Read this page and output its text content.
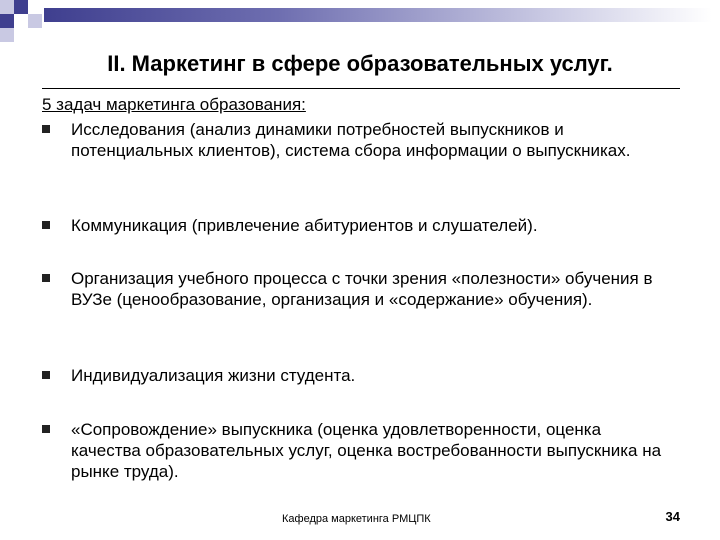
II. Маркетинг в сфере образовательных услуг.
5 задач маркетинга образования:
Исследования (анализ динамики потребностей выпускников и потенциальных клиентов), система сбора информации о выпускниках.
Коммуникация (привлечение абитуриентов и слушателей).
Организация учебного процесса с точки зрения «полезности» обучения в ВУЗе (ценообразование, организация и «содержание» обучения).
Индивидуализация жизни студента.
«Сопровождение» выпускника (оценка удовлетворенности, оценка качества образовательных услуг, оценка востребованности выпускника на рынке труда).
Кафедра маркетинга РМЦПК	34
